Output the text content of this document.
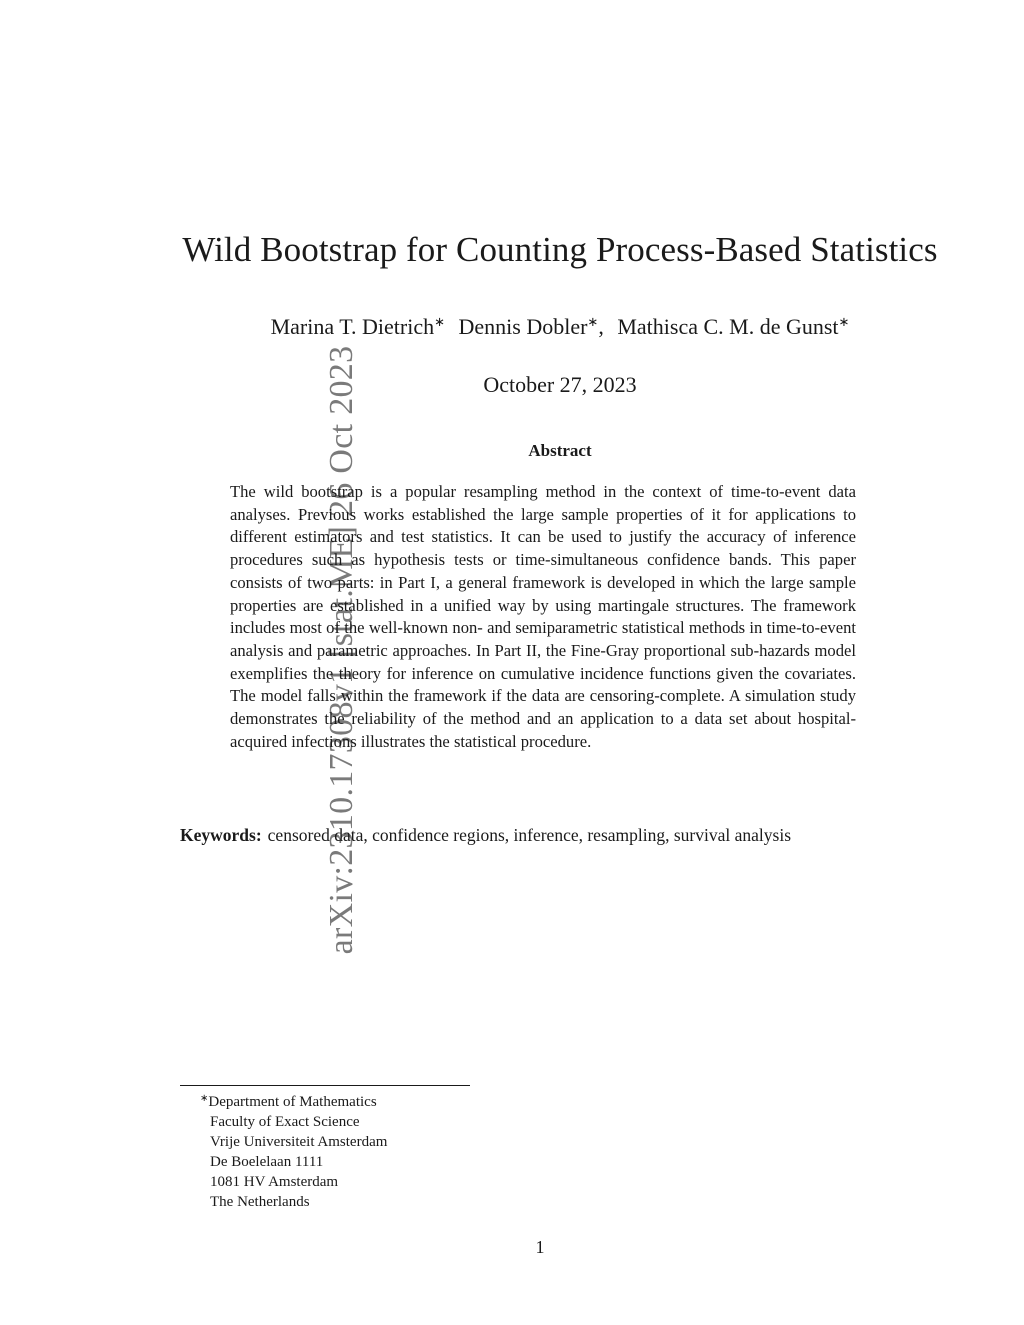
arXiv:2310.17308v1 [stat.ME] 26 Oct 2023
Wild Bootstrap for Counting Process-Based Statistics
Marina T. Dietrich∗ Dennis Dobler∗, Mathisca C. M. de Gunst∗
October 27, 2023
Abstract

The wild bootstrap is a popular resampling method in the context of time-to-event data analyses. Previous works established the large sample properties of it for applications to different estimators and test statistics. It can be used to justify the accuracy of inference procedures such as hypothesis tests or time-simultaneous confidence bands. This paper consists of two parts: in Part I, a general framework is developed in which the large sample properties are established in a unified way by using martingale structures. The framework includes most of the well-known non- and semiparametric statistical methods in time-to-event analysis and parametric approaches. In Part II, the Fine-Gray proportional sub-hazards model exemplifies the theory for inference on cumulative incidence functions given the covariates. The model falls within the framework if the data are censoring-complete. A simulation study demonstrates the reliability of the method and an application to a data set about hospital-acquired infections illustrates the statistical procedure.

Keywords: censored data, confidence regions, inference, resampling, survival analysis
∗Department of Mathematics
Faculty of Exact Science
Vrije Universiteit Amsterdam
De Boelelaan 1111
1081 HV Amsterdam
The Netherlands
1
